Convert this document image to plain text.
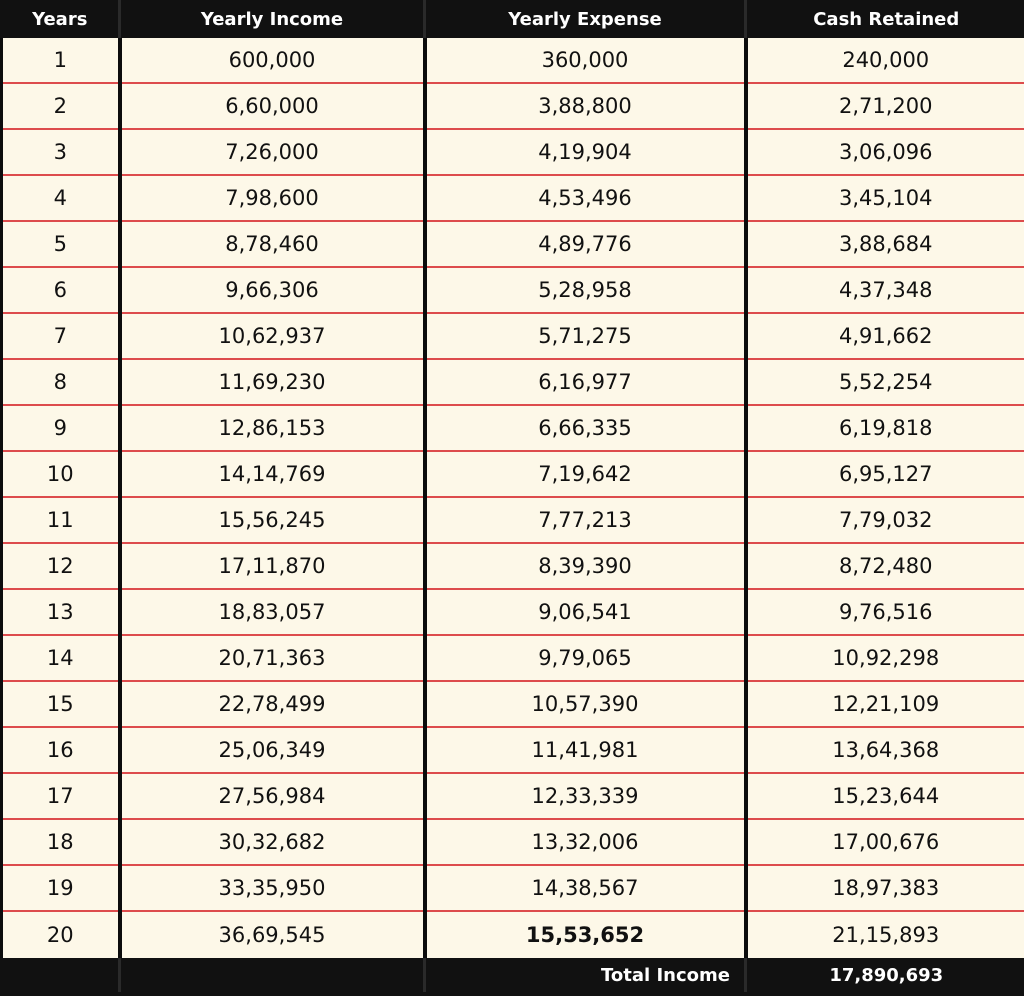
Years	Yearly Income	Yearly Expense	Cash Retained
1	600,000	360,000	240,000
2	6,60,000	3,88,800	2,71,200
3	7,26,000	4,19,904	3,06,096
4	7,98,600	4,53,496	3,45,104
5	8,78,460	4,89,776	3,88,684
6	9,66,306	5,28,958	4,37,348
7	10,62,937	5,71,275	4,91,662
8	11,69,230	6,16,977	5,52,254
9	12,86,153	6,66,335	6,19,818
10	14,14,769	7,19,642	6,95,127
11	15,56,245	7,77,213	7,79,032
12	17,11,870	8,39,390	8,72,480
13	18,83,057	9,06,541	9,76,516
14	20,71,363	9,79,065	10,92,298
15	22,78,499	10,57,390	12,21,109
16	25,06,349	11,41,981	13,64,368
17	27,56,984	12,33,339	15,23,644
18	30,32,682	13,32,006	17,00,676
19	33,35,950	14,38,567	18,97,383
20	36,69,545	15,53,652	21,15,893
		Total Income	17,890,693
